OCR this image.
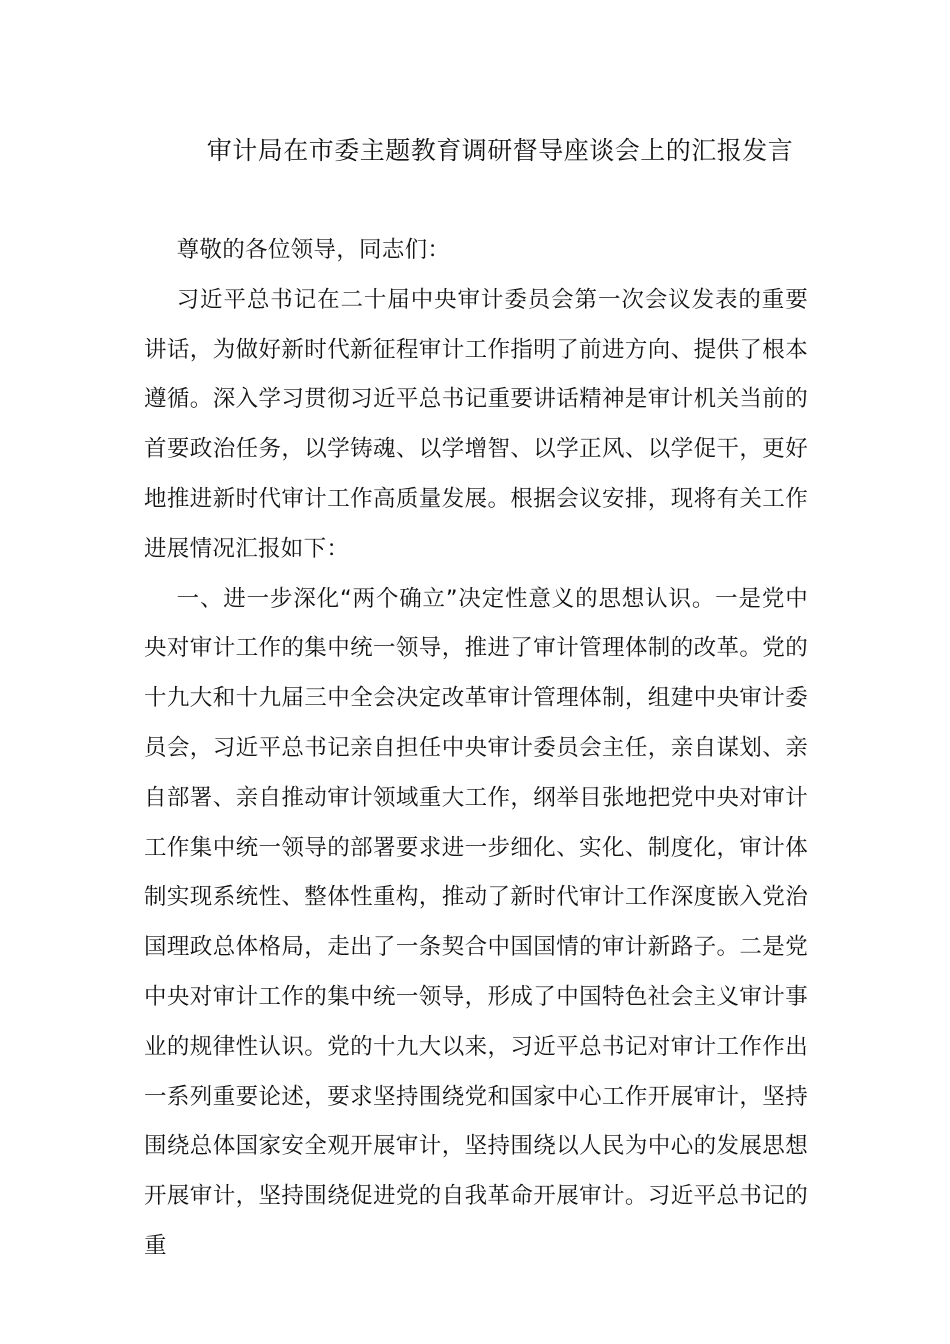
审计局在市委主题教育调研督导座谈会上的汇报发言

尊敬的各位领导，同志们：

习近平总书记在二十届中央审计委员会第一次会议发表的重要讲话，为做好新时代新征程审计工作指明了前进方向、提供了根本遵循。深入学习贯彻习近平总书记重要讲话精神是审计机关当前的首要政治任务，以学铸魂、以学增智、以学正风、以学促干，更好地推进新时代审计工作高质量发展。根据会议安排，现将有关工作进展情况汇报如下：

一、进一步深化“两个确立”决定性意义的思想认识。一是党中央对审计工作的集中统一领导，推进了审计管理体制的改革。党的十九大和十九届三中全会决定改革审计管理体制，组建中央审计委员会，习近平总书记亲自担任中央审计委员会主任，亲自谋划、亲自部署、亲自推动审计领域重大工作，纲举目张地把党中央对审计工作集中统一领导的部署要求进一步细化、实化、制度化，审计体制实现系统性、整体性重构，推动了新时代审计工作深度嵌入党治国理政总体格局，走出了一条契合中国国情的审计新路子。二是党中央对审计工作的集中统一领导，形成了中国特色社会主义审计事业的规律性认识。党的十九大以来，习近平总书记对审计工作作出一系列重要论述，要求坚持围绕党和国家中心工作开展审计，坚持围绕总体国家安全观开展审计，坚持围绕以人民为中心的发展思想开展审计，坚持围绕促进党的自我革命开展审计。习近平总书记的重
